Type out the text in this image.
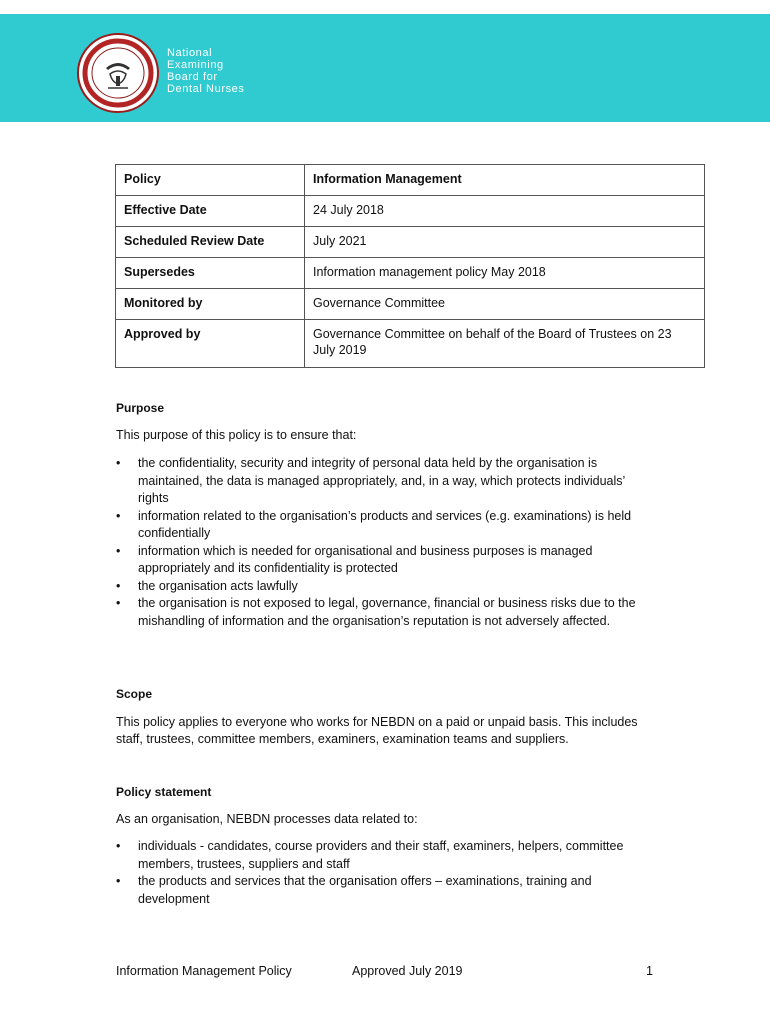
National
Examining
Board for
Dental Nurses
Policy	Information Management
Effective Date	24 July 2018
Scheduled Review Date	July 2021
Supersedes	Information management policy May 2018
Monitored by	Governance Committee
Approved by	Governance Committee on behalf of the Board of Trustees on 23 July 2019
Purpose
This purpose of this policy is to ensure that:
• the confidentiality, security and integrity of personal data held by the organisation is maintained, the data is managed appropriately, and, in a way, which protects individuals’ rights
• information related to the organisation’s products and services (e.g. examinations) is held confidentially
• information which is needed for organisational and business purposes is managed appropriately and its confidentiality is protected
• the organisation acts lawfully
• the organisation is not exposed to legal, governance, financial or business risks due to the mishandling of information and the organisation’s reputation is not adversely affected.
Scope
This policy applies to everyone who works for NEBDN on a paid or unpaid basis. This includes staff, trustees, committee members, examiners, examination teams and suppliers.
Policy statement
As an organisation, NEBDN processes data related to:
• individuals - candidates, course providers and their staff, examiners, helpers, committee members, trustees, suppliers and staff
• the products and services that the organisation offers – examinations, training and development
Information Management Policy	Approved July 2019	1
